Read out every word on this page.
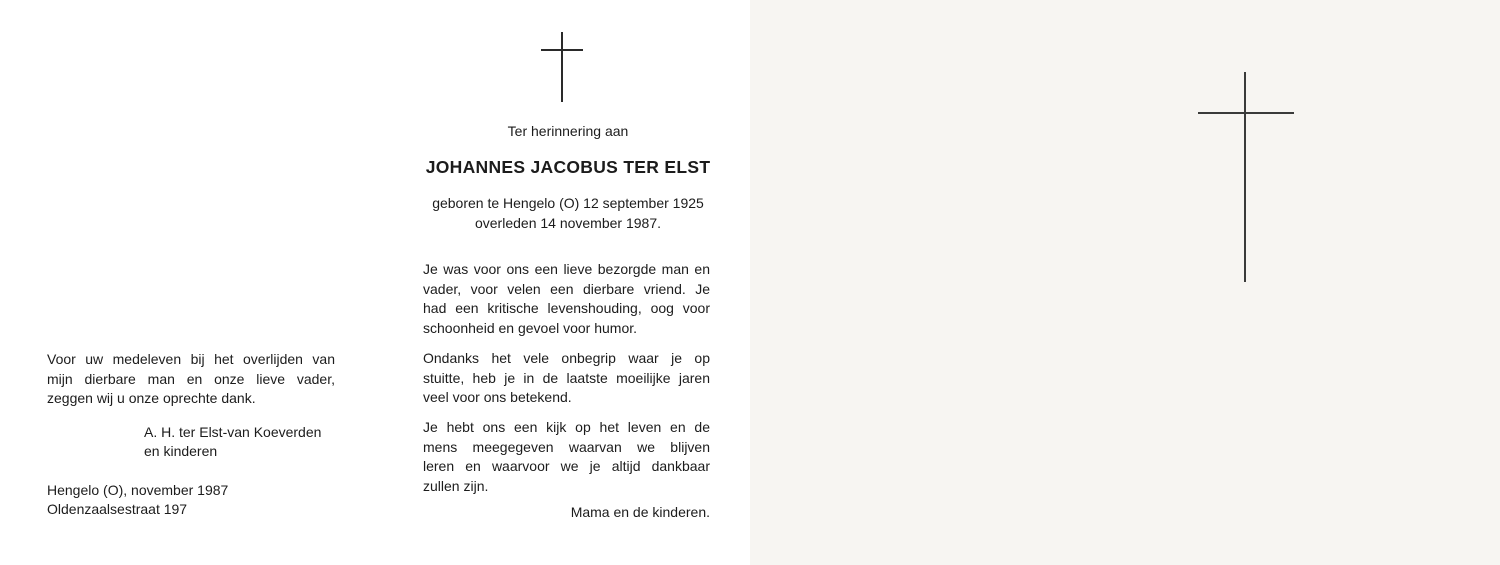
Ter herinnering aan
JOHANNES JACOBUS TER ELST
geboren te Hengelo (O) 12 september 1925
overleden 14 november 1987.
Je was voor ons een lieve bezorgde man en
vader, voor velen een dierbare vriend. Je
had een kritische levenshouding, oog voor
schoonheid en gevoel voor humor.
Ondanks het vele onbegrip waar je op
stuitte, heb je in de laatste moeilijke jaren
veel voor ons betekend.
Je hebt ons een kijk op het leven en de
mens meegegeven waarvan we blijven
leren en waarvoor we je altijd dankbaar
zullen zijn.
Mama en de kinderen.
Voor uw medeleven bij het overlijden van
mijn dierbare man en onze lieve vader,
zeggen wij u onze oprechte dank.
A. H. ter Elst-van Koeverden
en kinderen
Hengelo (O), november 1987
Oldenzaalsestraat 197
